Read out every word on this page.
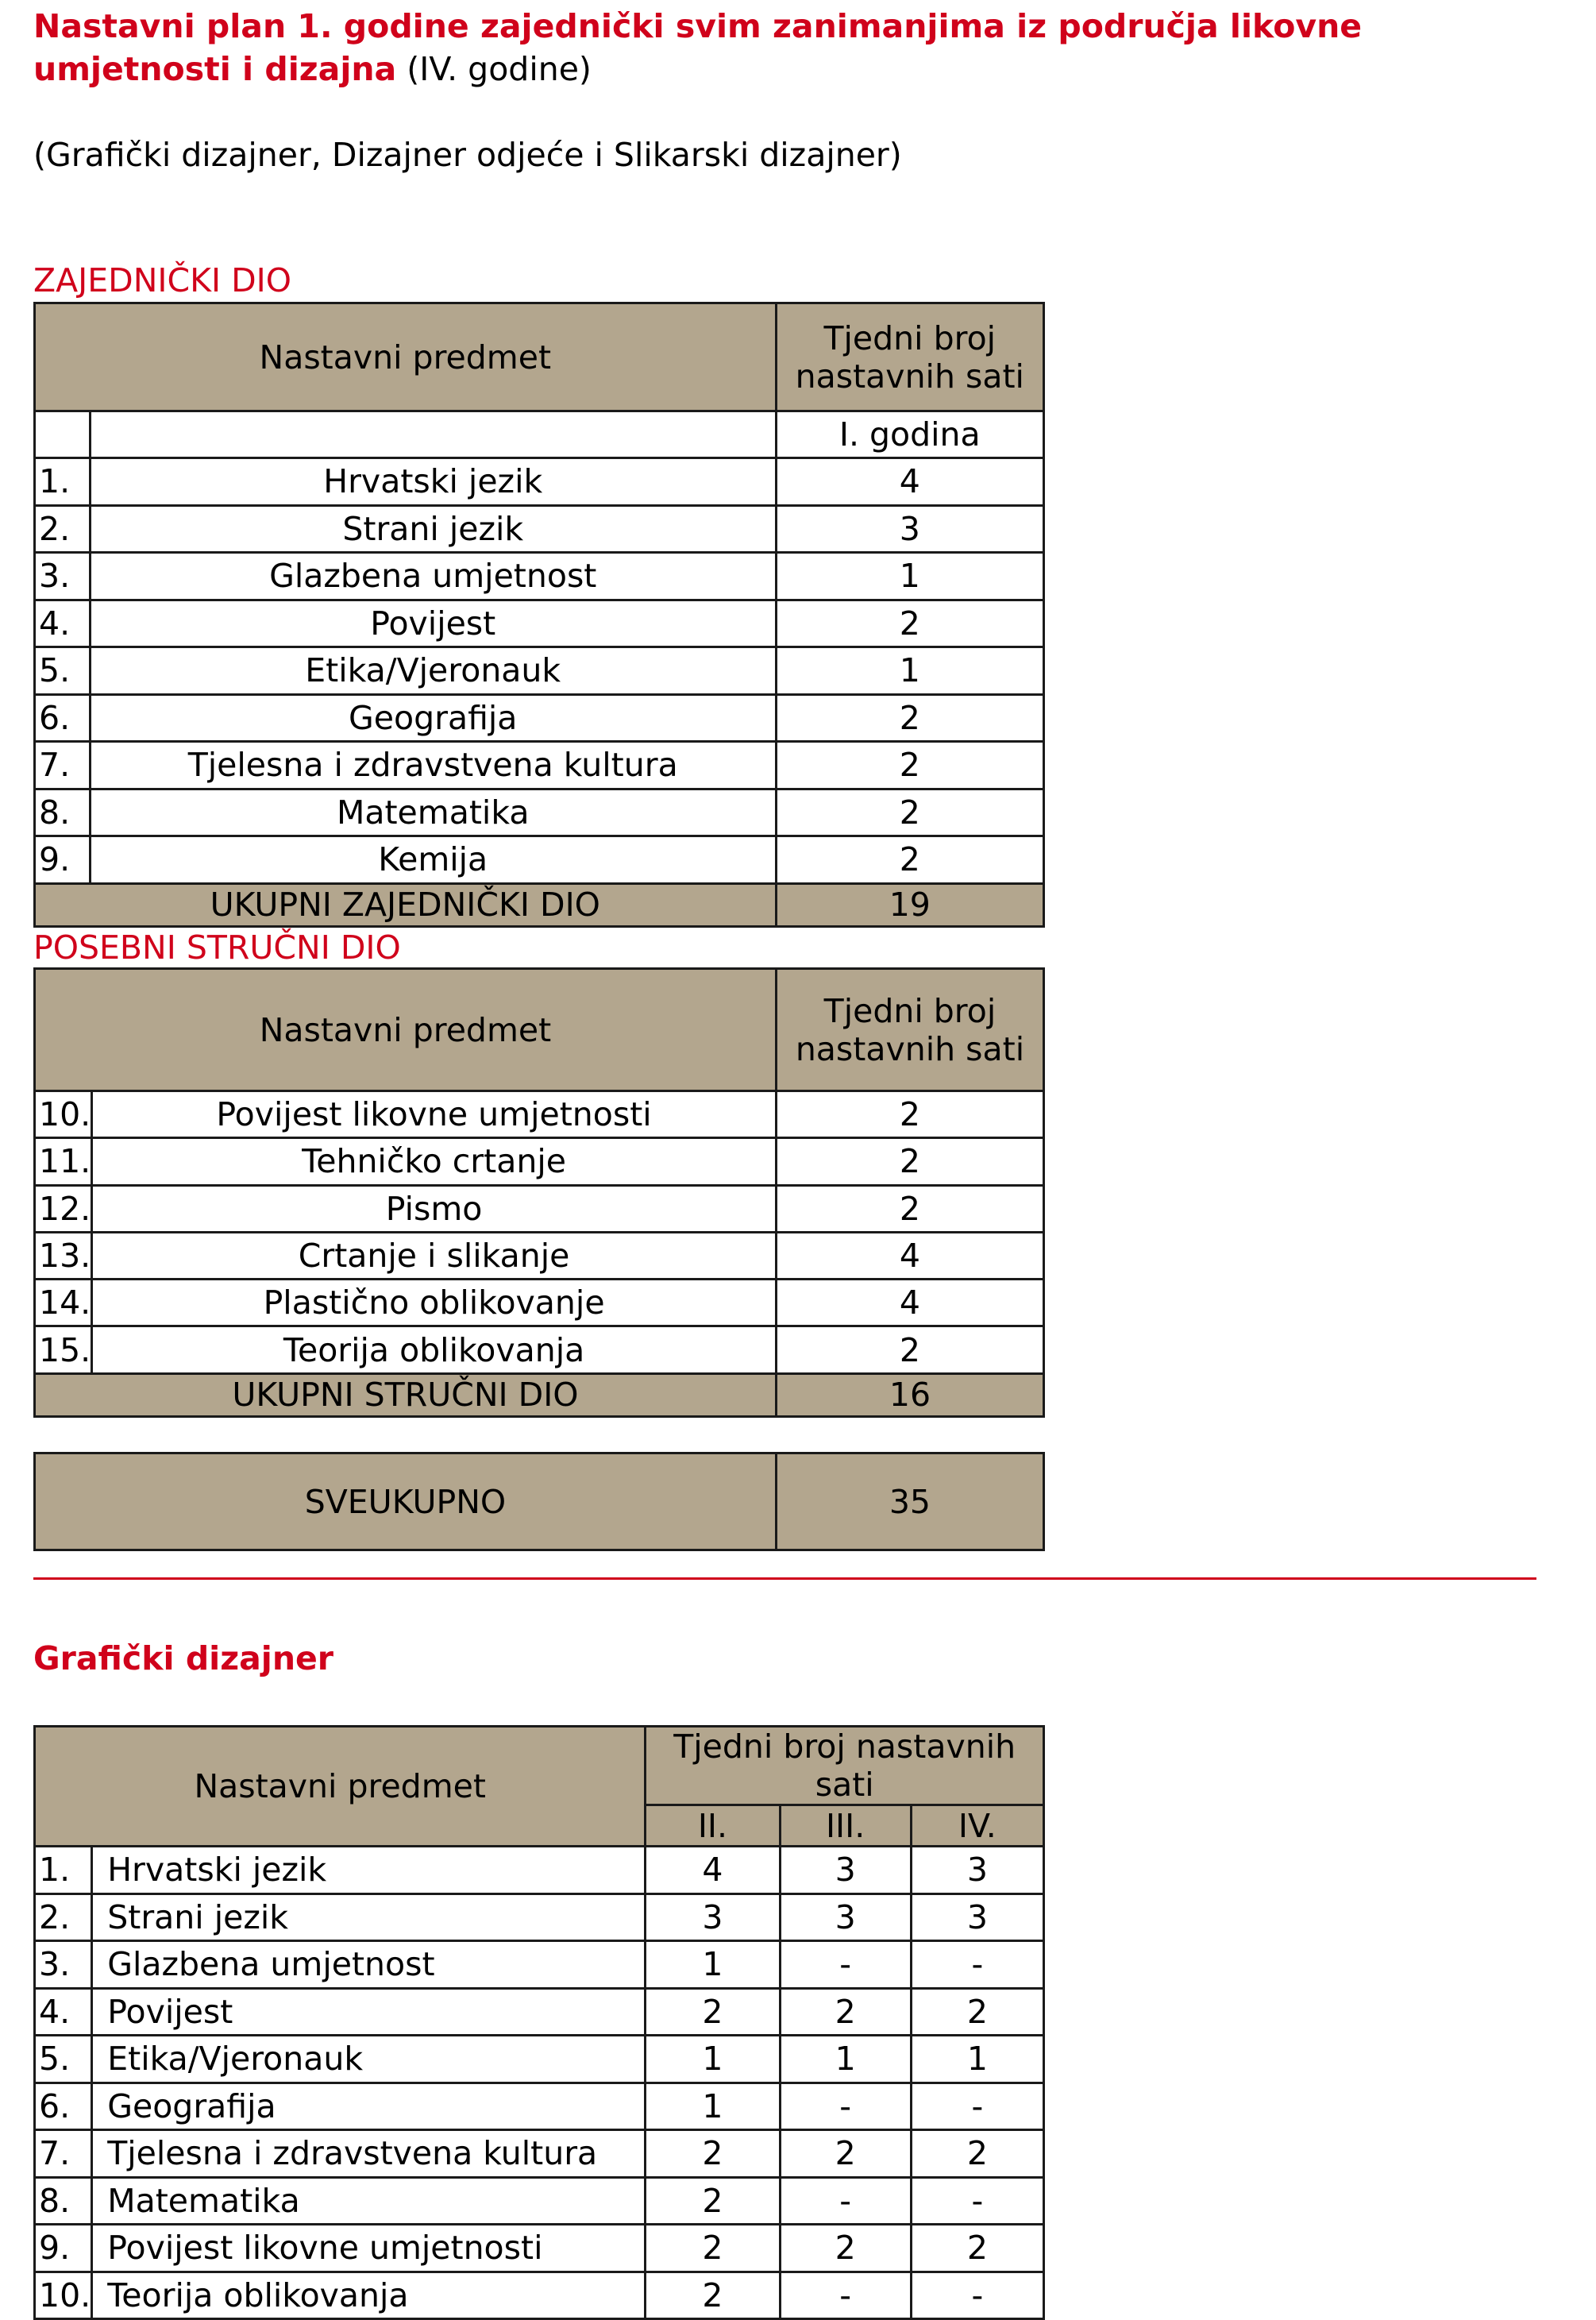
Nastavni plan 1. godine zajednički svim zanimanjima iz područja likovne umjetnosti i dizajna (IV. godine)
(Grafički dizajner, Dizajner odjeće i Slikarski dizajner)
ZAJEDNIČKI DIO
Nastavni predmet		Tjedni broj nastavnih sati
		I. godina
1.	Hrvatski jezik	4
2.	Strani jezik	3
3.	Glazbena umjetnost	1
4.	Povijest	2
5.	Etika/Vjeronauk	1
6.	Geografija	2
7.	Tjelesna i zdravstvena kultura	2
8.	Matematika	2
9.	Kemija	2
UKUPNI ZAJEDNIČKI DIO		19
POSEBNI STRUČNI DIO
Nastavni predmet		Tjedni broj nastavnih sati
10.	Povijest likovne umjetnosti	2
11.	Tehničko crtanje	2
12.	Pismo	2
13.	Crtanje i slikanje	4
14.	Plastično oblikovanje	4
15.	Teorija oblikovanja	2
UKUPNI STRUČNI DIO		16
SVEUKUPNO	35
Grafički dizajner
Nastavni predmet		Tjedni broj nastavnih sati		
		II.	III.	IV.
1.	Hrvatski jezik	4	3	3
2.	Strani jezik	3	3	3
3.	Glazbena umjetnost	1	-	-
4.	Povijest	2	2	2
5.	Etika/Vjeronauk	1	1	1
6.	Geografija	1	-	-
7.	Tjelesna i zdravstvena kultura	2	2	2
8.	Matematika	2	-	-
9.	Povijest likovne umjetnosti	2	2	2
10.	Teorija oblikovanja	2	-	-
